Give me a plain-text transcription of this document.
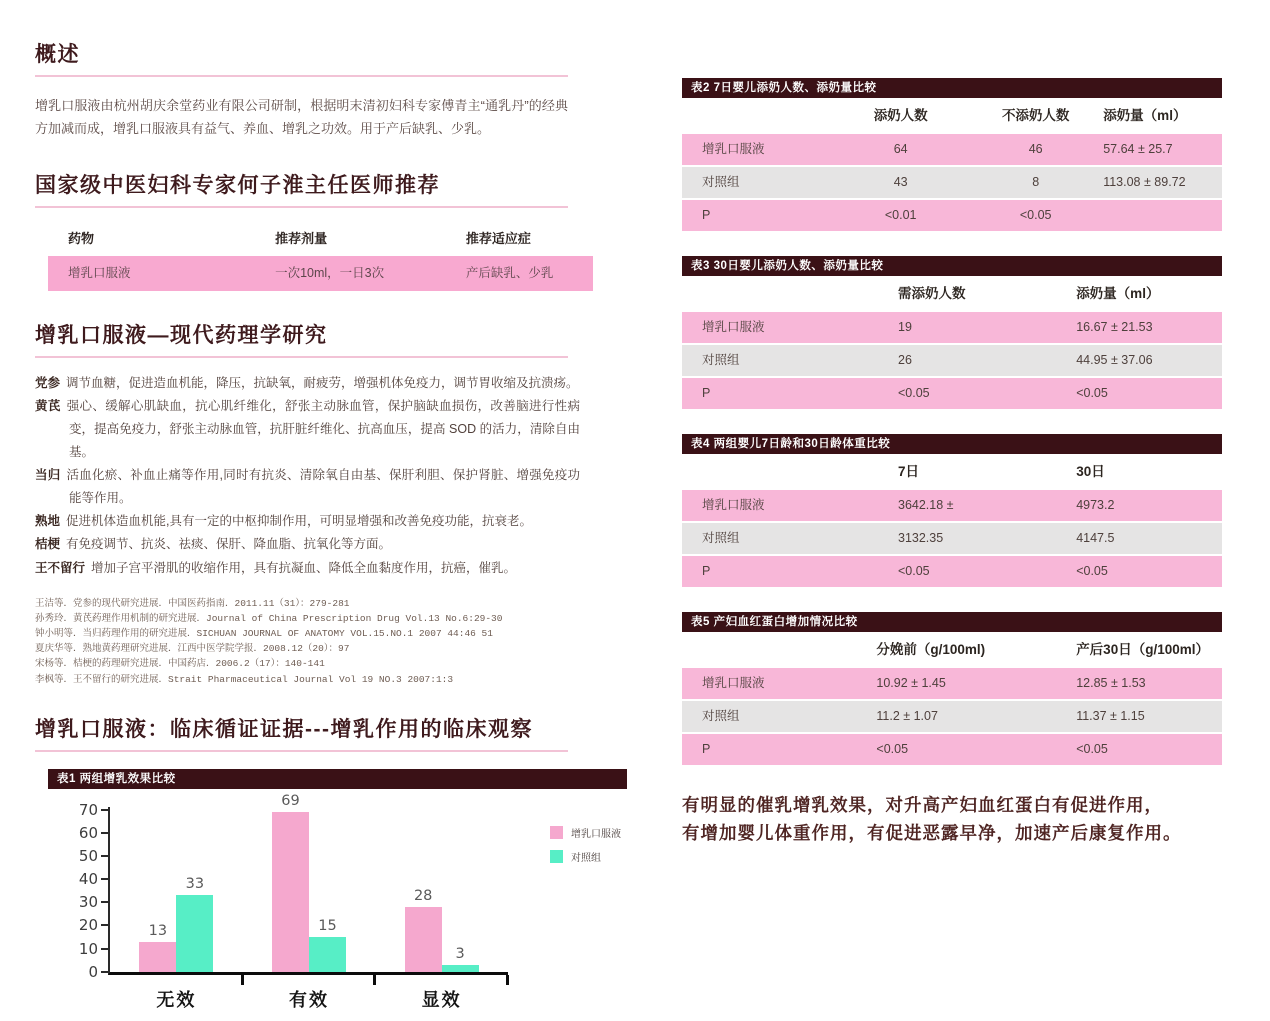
概述
增乳口服液由杭州胡庆余堂药业有限公司研制，根据明末清初妇科专家傅青主“通乳丹”的经典方加减而成，增乳口服液具有益气、养血、增乳之功效。用于产后缺乳、少乳。
国家级中医妇科专家何子淮主任医师推荐
药物	推荐剂量	推荐适应症
增乳口服液	一次10ml，一日3次	产后缺乳、少乳
增乳口服液—现代药理学研究

党参 调节血糖，促进造血机能，降压，抗缺氧，耐疲劳，增强机体免疫力，调节胃收缩及抗溃疡。

黄芪 强心、缓解心肌缺血，抗心肌纤维化，舒张主动脉血管，保护脑缺血损伤，改善脑进行性病变，提高免疫力，舒张主动脉血管，抗肝脏纤维化、抗高血压，提高 SOD 的活力，清除自由基。

当归 活血化瘀、补血止痛等作用,同时有抗炎、清除氧自由基、保肝利胆、保护肾脏、增强免疫功能等作用。

熟地 促进机体造血机能,具有一定的中枢抑制作用，可明显增强和改善免疫功能，抗衰老。

桔梗 有免疫调节、抗炎、祛痰、保肝、降血脂、抗氧化等方面。

王不留行 增加子宫平滑肌的收缩作用，具有抗凝血、降低全血黏度作用，抗癌，催乳。

王洁等．党参的现代研究进展．中国医药指南．2011.11（31）：279-281

孙秀玲．黄芪药理作用机制的研究进展．Journal of China Prescription Drug Vol.13 No.6:29-30

钟小明等．当归药理作用的研究进展．SICHUAN JOURNAL OF ANATOMY VOL.15.NO.1 2007 44:46 51

夏庆华等．熟地黄药理研究进展．江西中医学院学报．2008.12（20）：97

宋杨等．桔梗的药理研究进展．中国药店．2006.2（17）：140-141

李枫等．王不留行的研究进展．Strait Pharmaceutical Journal Vol 19 NO.3 2007:1:3

增乳口服液：临床循证证据---增乳作用的临床观察
表1 两组增乳效果比较
13
33
无效
69
15
有效
28
3
显效
0
10
20
30
40
50
60
70
增乳口服液
对照组
表2 7日婴儿添奶人数、添奶量比较
添奶人数	不添奶人数	添奶量（ml）
增乳口服液	64	46	57.64 ± 25.7
对照组	43	8	113.08 ± 89.72
P	<0.01	<0.05
表3 30日婴儿添奶人数、添奶量比较
需添奶人数	添奶量（ml）
增乳口服液	19	16.67 ± 21.53
对照组	26	44.95 ± 37.06
P	<0.05	<0.05
表4 两组婴儿7日龄和30日龄体重比较
7日	30日
增乳口服液	3642.18 ±	4973.2
对照组	3132.35	4147.5
P	<0.05	<0.05
表5 产妇血红蛋白增加情况比较
分娩前（g/100ml)	产后30日（g/100ml）
增乳口服液	10.92 ± 1.45	12.85 ± 1.53
对照组	11.2 ± 1.07	11.37 ± 1.15
P	<0.05	<0.05
有明显的催乳增乳效果，对升高产妇血红蛋白有促进作用，
有增加婴儿体重作用，有促进恶露早净，加速产后康复作用。
